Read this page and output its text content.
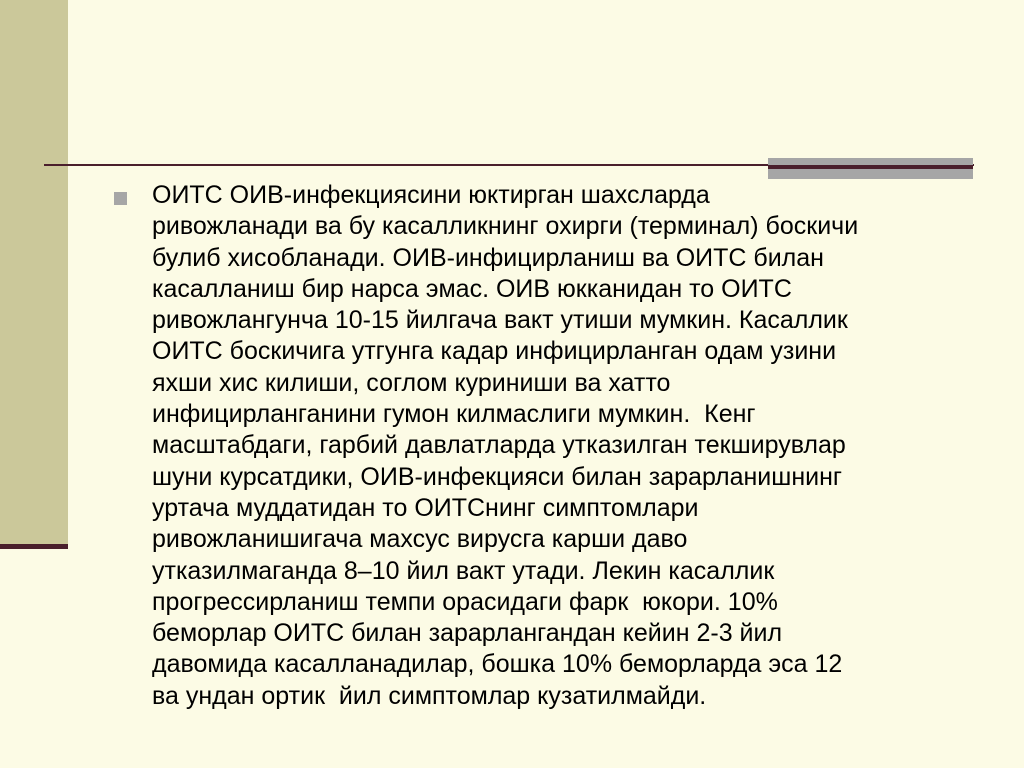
ОИТС ОИВ-инфекциясини юктирган шахсларда
ривожланади ва бу касалликнинг охирги (терминал) боскичи
булиб хисобланади. ОИВ-инфицирланиш ва ОИТС билан
касалланиш бир нарса эмас. ОИВ юкканидан то ОИТС
ривожлангунча 10-15 йилгача вакт утиши мумкин. Касаллик
ОИТС боскичига утгунга кадар инфицирланган одам узини
яхши хис килиши, соглом куриниши ва хатто
инфицирланганини гумон килмаслиги мумкин.  Кенг
масштабдаги, гарбий давлатларда утказилган текширувлар
шуни курсатдики, ОИВ-инфекцияси билан зарарланишнинг
уртача муддатидан то ОИТСнинг симптомлари
ривожланишигача махсус вирусга карши даво
утказилмаганда 8–10 йил вакт утади. Лекин касаллик
прогрессирланиш темпи орасидаги фарк  юкори. 10%
беморлар ОИТС билан зарарлангандан кейин 2-3 йил
давомида касалланадилар, бошка 10% беморларда эса 12
ва ундан ортик  йил симптомлар кузатилмайди.
